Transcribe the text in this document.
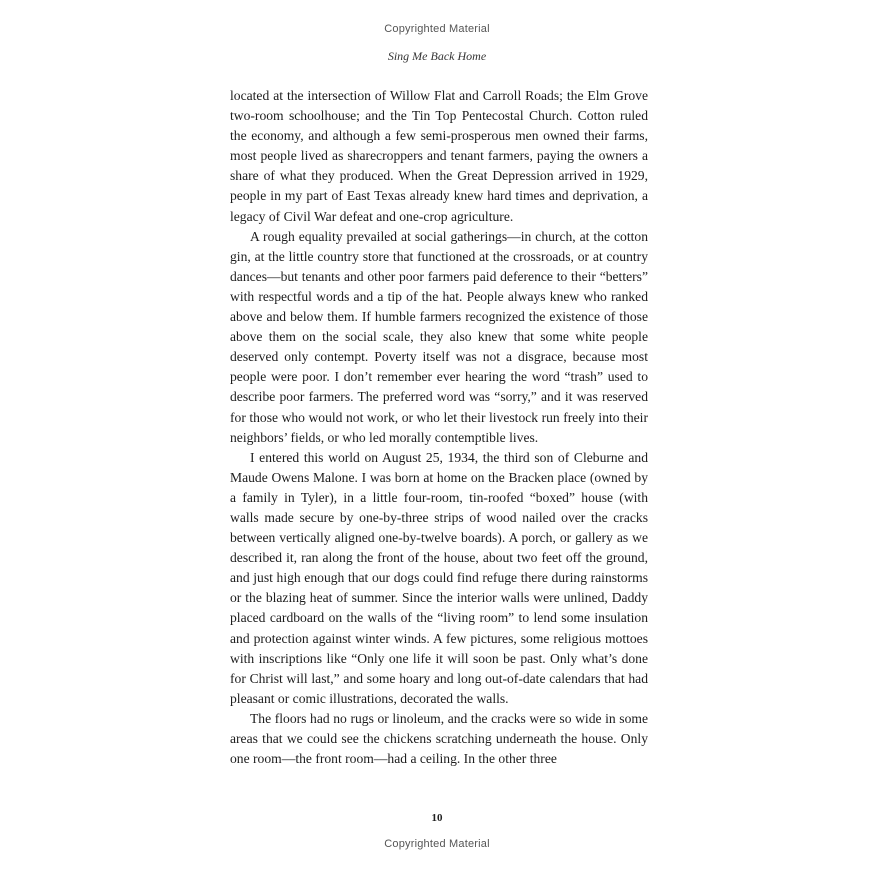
Copyrighted Material
Sing Me Back Home

located at the intersection of Willow Flat and Carroll Roads; the Elm Grove two-room schoolhouse; and the Tin Top Pentecostal Church. Cotton ruled the economy, and although a few semi-prosperous men owned their farms, most people lived as sharecroppers and tenant farmers, paying the owners a share of what they produced. When the Great Depression arrived in 1929, people in my part of East Texas already knew hard times and deprivation, a legacy of Civil War defeat and one-crop agriculture.

A rough equality prevailed at social gatherings—in church, at the cotton gin, at the little country store that functioned at the crossroads, or at country dances—but tenants and other poor farmers paid deference to their “betters” with respectful words and a tip of the hat. People always knew who ranked above and below them. If humble farmers recognized the existence of those above them on the social scale, they also knew that some white people deserved only contempt. Poverty itself was not a disgrace, because most people were poor. I don’t remember ever hearing the word “trash” used to describe poor farmers. The preferred word was “sorry,” and it was reserved for those who would not work, or who let their livestock run freely into their neighbors’ fields, or who led morally contemptible lives.

I entered this world on August 25, 1934, the third son of Cleburne and Maude Owens Malone. I was born at home on the Bracken place (owned by a family in Tyler), in a little four-room, tin-roofed “boxed” house (with walls made secure by one-by-three strips of wood nailed over the cracks between vertically aligned one-by-twelve boards). A porch, or gallery as we described it, ran along the front of the house, about two feet off the ground, and just high enough that our dogs could find refuge there during rainstorms or the blazing heat of summer. Since the interior walls were unlined, Daddy placed cardboard on the walls of the “living room” to lend some insulation and protection against winter winds. A few pictures, some religious mottoes with inscriptions like “Only one life it will soon be past. Only what’s done for Christ will last,” and some hoary and long out-of-date calendars that had pleasant or comic illustrations, decorated the walls.

The floors had no rugs or linoleum, and the cracks were so wide in some areas that we could see the chickens scratching underneath the house. Only one room—the front room—had a ceiling. In the other three

10
Copyrighted Material
